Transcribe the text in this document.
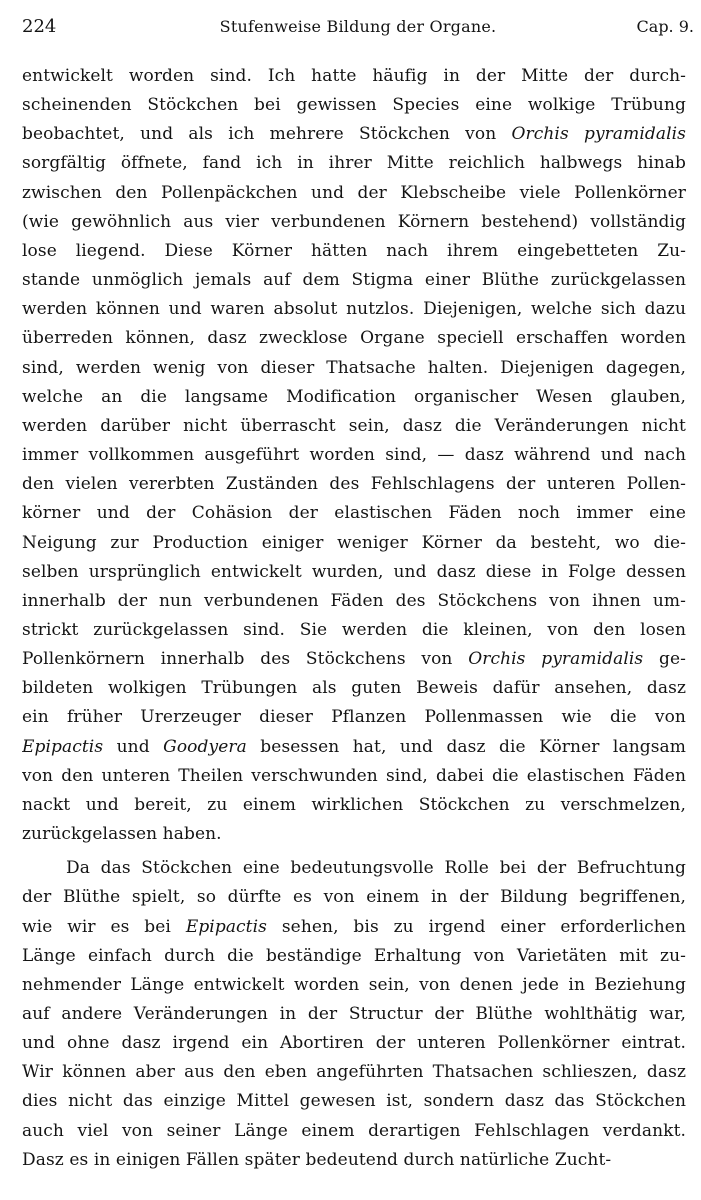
224	Stufenweise Bildung der Organe.	Cap. 9.
entwickelt worden sind. Ich hatte häufig in der Mitte der durch-
scheinenden Stöckchen bei gewissen Species eine wolkige Trübung
beobachtet, und als ich mehrere Stöckchen von Orchis pyramidalis
sorgfältig öffnete, fand ich in ihrer Mitte reichlich halbwegs hinab
zwischen den Pollenpäckchen und der Klebscheibe viele Pollenkörner
(wie gewöhnlich aus vier verbundenen Körnern bestehend) vollständig
lose liegend. Diese Körner hätten nach ihrem eingebetteten Zu-
stande unmöglich jemals auf dem Stigma einer Blüthe zurückgelassen
werden können und waren absolut nutzlos. Diejenigen, welche sich dazu
überreden können, dasz zwecklose Organe speciell erschaffen worden
sind, werden wenig von dieser Thatsache halten. Diejenigen dagegen,
welche an die langsame Modification organischer Wesen glauben,
werden darüber nicht überrascht sein, dasz die Veränderungen nicht
immer vollkommen ausgeführt worden sind, — dasz während und nach
den vielen vererbten Zuständen des Fehlschlagens der unteren Pollen-
körner und der Cohäsion der elastischen Fäden noch immer eine
Neigung zur Production einiger weniger Körner da besteht, wo die-
selben ursprünglich entwickelt wurden, und dasz diese in Folge dessen
innerhalb der nun verbundenen Fäden des Stöckchens von ihnen um-
strickt zurückgelassen sind. Sie werden die kleinen, von den losen
Pollenkörnern innerhalb des Stöckchens von Orchis pyramidalis ge-
bildeten wolkigen Trübungen als guten Beweis dafür ansehen, dasz
ein früher Urerzeuger dieser Pflanzen Pollenmassen wie die von
Epipactis und Goodyera besessen hat, und dasz die Körner langsam
von den unteren Theilen verschwunden sind, dabei die elastischen Fäden
nackt und bereit, zu einem wirklichen Stöckchen zu verschmelzen,
zurückgelassen haben.
Da das Stöckchen eine bedeutungsvolle Rolle bei der Befruchtung
der Blüthe spielt, so dürfte es von einem in der Bildung begriffenen,
wie wir es bei Epipactis sehen, bis zu irgend einer erforderlichen
Länge einfach durch die beständige Erhaltung von Varietäten mit zu-
nehmender Länge entwickelt worden sein, von denen jede in Beziehung
auf andere Veränderungen in der Structur der Blüthe wohlthätig war,
und ohne dasz irgend ein Abortiren der unteren Pollenkörner eintrat.
Wir können aber aus den eben angeführten Thatsachen schlieszen, dasz
dies nicht das einzige Mittel gewesen ist, sondern dasz das Stöckchen
auch viel von seiner Länge einem derartigen Fehlschlagen verdankt.
Dasz es in einigen Fällen später bedeutend durch natürliche Zucht-
